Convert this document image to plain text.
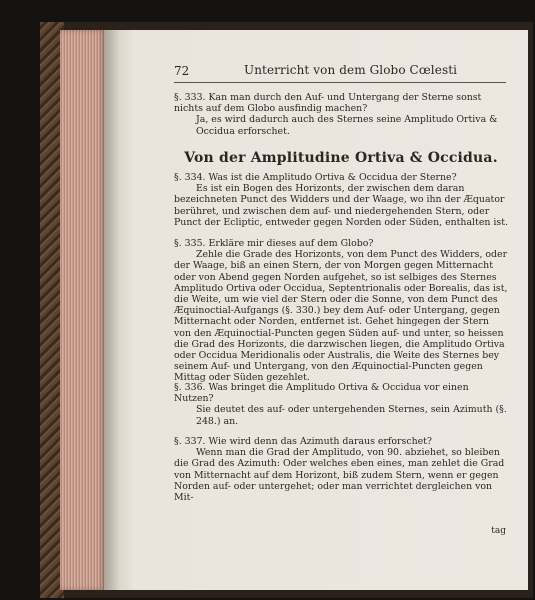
72	Unterricht von dem Globo Cœlesti

§. 333. Kan man durch den Auf- und Untergang der Sterne sonst nichts auf dem Globo ausfindig machen?

Ja, es wird dadurch auch des Sternes seine Amplitudo Ortiva & Occidua erforschet.

Von der Amplitudine Ortiva & Occidua.

§. 334. Was ist die Amplitudo Ortiva & Occidua der Sterne?

Es ist ein Bogen des Horizonts, der zwischen dem daran bezeichneten Punct des Widders und der Waage, wo ihn der Æquator berühret, und zwischen dem auf- und niedergehenden Stern, oder Punct der Ecliptic, entweder gegen Norden oder Süden, enthalten ist.

§. 335. Erkläre mir dieses auf dem Globo?

Zehle die Grade des Horizonts, von dem Punct des Widders, oder der Waage, biß an einen Stern, der von Morgen gegen Mitternacht oder von Abend gegen Norden aufgehet, so ist selbiges des Sternes Amplitudo Ortiva oder Occidua, Septentrionalis oder Borealis, das ist, die Weite, um wie viel der Stern oder die Sonne, von dem Punct des Æquinoctial-Aufgangs (§. 330.) bey dem Auf- oder Untergang, gegen Mitternacht oder Norden, entfernet ist. Gehet hingegen der Stern von den Æquinoctial-Puncten gegen Süden auf- und unter, so heissen die Grad des Horizonts, die darzwischen liegen, die Amplitudo Ortiva oder Occidua Meridionalis oder Australis, die Weite des Sternes bey seinem Auf- und Untergang, von den Æquinoctial-Puncten gegen Mittag oder Süden gezehlet.

§. 336. Was bringet die Amplitudo Ortiva & Occidua vor einen Nutzen?

Sie deutet des auf- oder untergehenden Sternes, sein Azimuth (§. 248.) an.

§. 337. Wie wird denn das Azimuth daraus erforschet?

Wenn man die Grad der Amplitudo, von 90. abziehet, so bleiben die Grad des Azimuth: Oder welches eben eines, man zehlet die Grad von Mitternacht auf dem Horizont, biß zudem Stern, wenn er gegen Norden auf- oder untergehet; oder man verrichtet dergleichen von Mit-

tag
